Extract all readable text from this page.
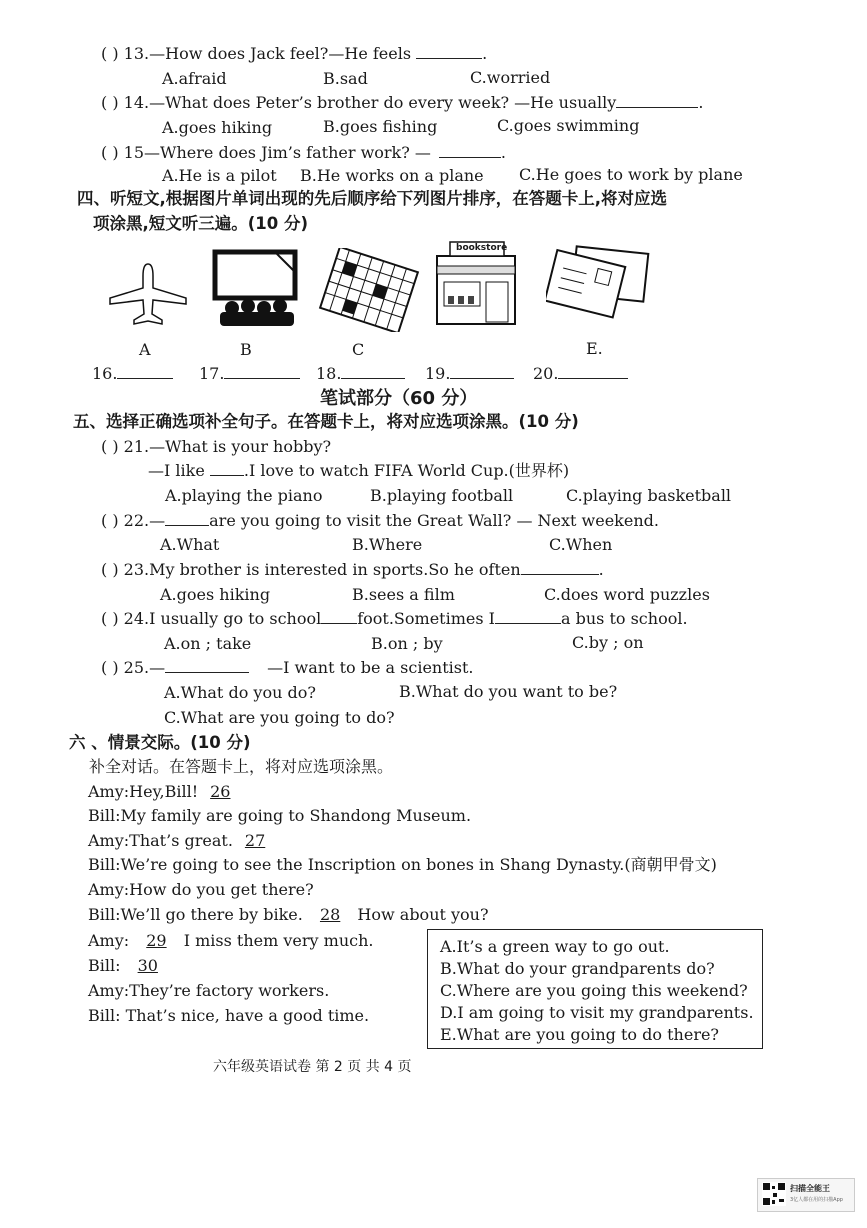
( ) 13.—How does Jack feel?—He feels	.
A.afraid	B.sad	C.worried
( ) 14.—What does Peter’s brother do every week? —He usually	.
A.goes hiking	B.goes fishing	C.goes swimming
( ) 15—Where does Jim’s father work? —	.
A.He is a pilot B.He works on a plane C.He goes to work by plane
四、听短文,根据图片单词出现的先后顺序给下列图片排序，在答题卡上,将对应选
项涂黑,短文听三遍。(10 分)
A	B	C
bookstore
E.
16.	17.	18.	19.	20.
笔试部分（60 分）
五、选择正确选项补全句子。在答题卡上，将对应选项涂黑。(10 分)
( ) 21.—What is your hobby?
—I like .I love to watch FIFA World Cup.(世界杯)
A.playing the piano	B.playing football	C.playing basketball
( ) 22.—	are you going to visit the Great Wall? — Next weekend.
A.What	B.Where	C.When
( ) 23.My brother is interested in sports.So he often	.
A.goes hiking	B.sees a film	C.does word puzzles
( ) 24.I usually go to school foot.Sometimes I	a bus to school.
A.on ; take	B.on ; by	C.by ; on
( ) 25.—	—I want to be a scientist.
A.What do you do?	B.What do you want to be?
C.What are you going to do?
六 、情景交际。(10 分)
补全对话。在答题卡上，将对应选项涂黑。
Amy:Hey,Bill! 26
Bill:My family are going to Shandong Museum.
Amy:That’s great. 27
Bill:We’re going to see the Inscription on bones in Shang Dynasty.(商朝甲骨文)
Amy:How do you get there?
Bill:We’ll go there by bike. 28 How about you?
Amy: 29 I miss them very much.
Bill: 30
Amy:They’re factory workers.
Bill: That’s nice, have a good time.
A.It’s a green way to go out.
B.What do your grandparents do?
C.Where are you going this weekend?
D.I am going to visit my grandparents.
E.What are you going to do there?
六年级英语试卷 第 2 页 共 4 页
扫描全能王
3亿人都在用的扫描App
